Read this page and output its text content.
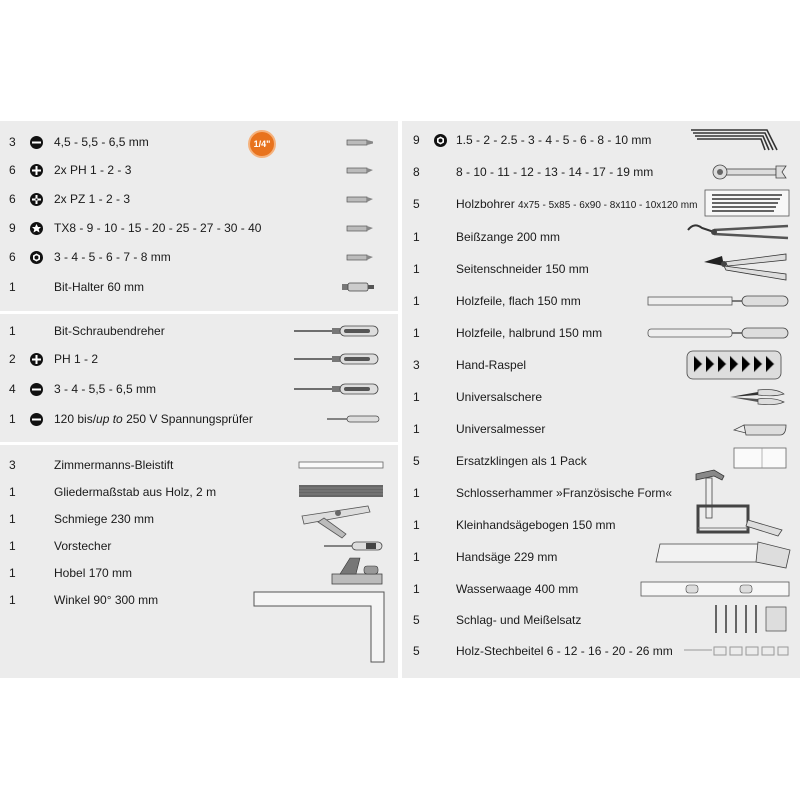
1/4"
3	4,5 - 5,5 - 6,5 mm
6	2x PH 1 - 2 - 3
6	2x PZ 1 - 2 - 3
9	TX8 - 9 - 10 - 15 - 20 - 25 - 27 - 30 - 40
6	3 - 4 - 5 - 6 - 7 - 8 mm
1	Bit-Halter 60 mm
1	Bit-Schraubendreher
2	PH 1 - 2
4	3 - 4 - 5,5 - 6,5 mm
1	120 bis/up to 250 V Spannungsprüfer
3	Zimmermanns-Bleistift
1	Gliedermaßstab aus Holz, 2 m
1	Schmiege 230 mm
1	Vorstecher
1	Hobel 170 mm
1	Winkel 90° 300 mm
9	1.5 - 2 - 2.5 - 3 - 4 - 5 - 6 - 8 - 10 mm
8	8 - 10 - 11 - 12 - 13 - 14 - 17 - 19 mm
5	Holzbohrer 4x75 - 5x85 - 6x90 - 8x110 - 10x120 mm
1	Beißzange 200 mm
1	Seitenschneider 150 mm
1	Holzfeile, flach 150 mm
1	Holzfeile, halbrund 150 mm
3	Hand-Raspel
1	Universalschere
1	Universalmesser
5	Ersatzklingen als 1 Pack
1	Schlosserhammer »Französische Form«
1	Kleinhandsägebogen 150 mm
1	Handsäge 229 mm
1	Wasserwaage 400 mm
5	Schlag- und Meißelsatz
5	Holz-Stechbeitel 6 - 12 - 16 - 20 - 26 mm
